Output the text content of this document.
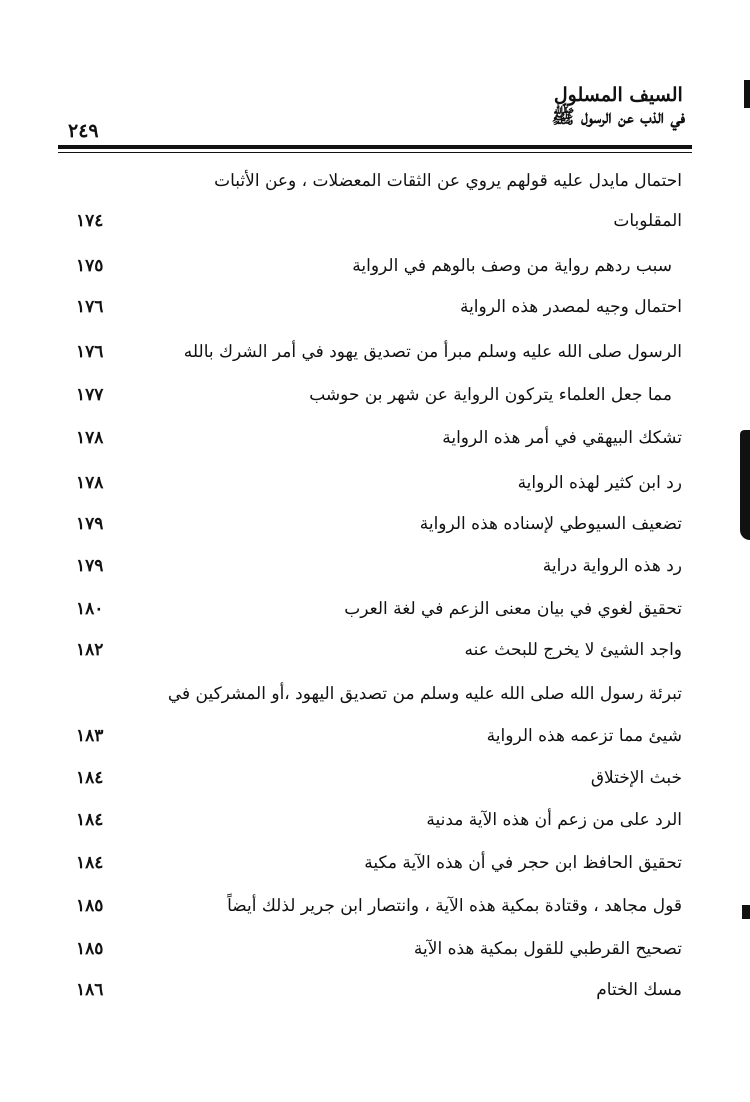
السيف المسلول
في الذب عن الرسول ﷺ
٢٤٩
احتمال مايدل عليه قولهم يروي عن الثقات المعضلات ، وعن الأثبات
المقلوبات
١٧٤
سبب ردهم رواية من وصف بالوهم في الرواية
١٧٥
احتمال وجيه لمصدر هذه الرواية
١٧٦
الرسول صلى الله عليه وسلم مبرأ من تصديق يهود في أمر الشرك بالله
١٧٦
مما جعل العلماء يتركون الرواية عن شهر بن حوشب
١٧٧
تشكك البيهقي في أمر هذه الرواية
١٧٨
رد ابن كثير لهذه الرواية
١٧٨
تضعيف السيوطي لإسناده هذه الرواية
١٧٩
رد هذه الرواية دراية
١٧٩
تحقيق لغوي في بيان معنى الزعم في لغة العرب
١٨٠
واجد الشيئ لا يخرج للبحث عنه
١٨٢
تبرئة رسول الله صلى الله عليه وسلم من تصديق اليهود ،أو المشركين في
شيئ مما تزعمه هذه الرواية
١٨٣
خبث الإختلاق
١٨٤
الرد على من زعم أن هذه الآية مدنية
١٨٤
تحقيق الحافظ ابن حجر في أن هذه الآية مكية
١٨٤
قول مجاهد ، وقتادة بمكية هذه الآية ، وانتصار ابن جرير لذلك أيضاً
١٨٥
تصحيح القرطبي للقول بمكية هذه الآية
١٨٥
مسك الختام
١٨٦
